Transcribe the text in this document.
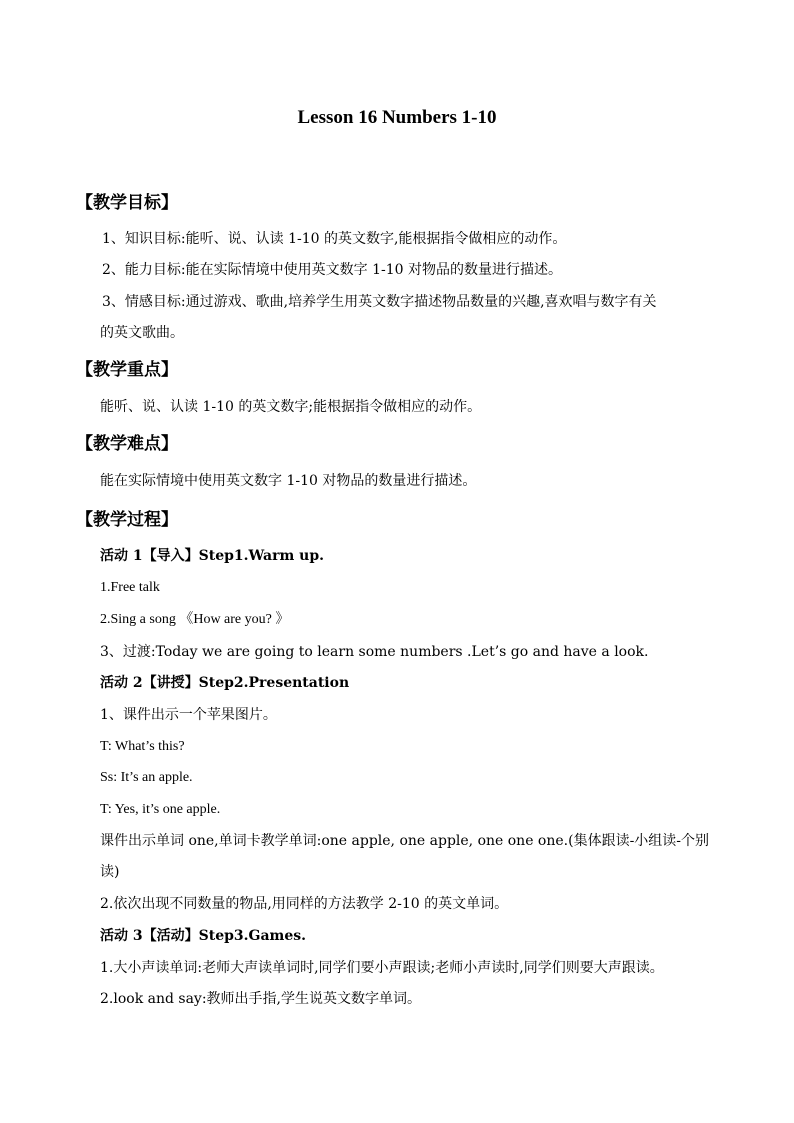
Lesson 16 Numbers 1-10
【教学目标】
1、知识目标:能听、说、认读 1-10 的英文数字,能根据指令做相应的动作。
2、能力目标:能在实际情境中使用英文数字 1-10 对物品的数量进行描述。
3、情感目标:通过游戏、歌曲,培养学生用英文数字描述物品数量的兴趣,喜欢唱与数字有关
的英文歌曲。
【教学重点】
能听、说、认读 1-10 的英文数字;能根据指令做相应的动作。
【教学难点】
能在实际情境中使用英文数字 1-10 对物品的数量进行描述。
【教学过程】
活动 1【导入】Step1.Warm up.
1.Free talk
2.Sing a song 《How are you? 》
3、过渡:Today we are going to learn some numbers .Let’s go and have a look.
活动 2【讲授】Step2.Presentation
1、课件出示一个苹果图片。
T: What’s this?
Ss: It’s an apple.
T: Yes, it’s one apple.
课件出示单词 one,单词卡教学单词:one apple, one apple, one one one.(集体跟读-小组读-个别
读)
2.依次出现不同数量的物品,用同样的方法教学 2-10 的英文单词。
活动 3【活动】Step3.Games.
1.大小声读单词:老师大声读单词时,同学们要小声跟读;老师小声读时,同学们则要大声跟读。
2.look and say:教师出手指,学生说英文数字单词。
